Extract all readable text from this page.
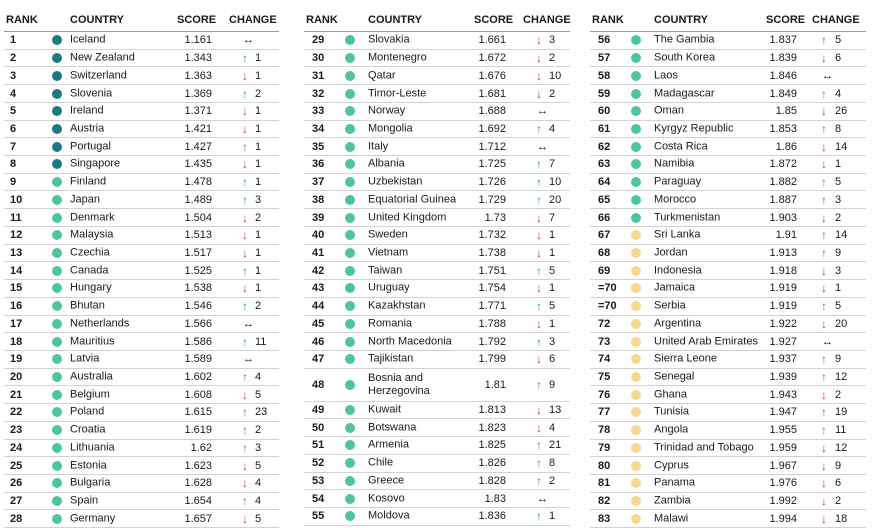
RANK	COUNTRY	SCORE CHANGE
1	Iceland	1.161	↔
2	New Zealand	1.343	↑ 1
3	Switzerland	1.363	↓ 1
4	Slovenia	1.369	↑ 2
5	Ireland	1.371	↓ 1
6	Austria	1.421	↓ 1
7	Portugal	1.427	↑ 1
8	Singapore	1.435	↓ 1
9	Finland	1.478	↑ 1
10	Japan	1.489	↑ 3
11	Denmark	1.504	↓ 2
12	Malaysia	1.513	↓ 1
13	Czechia	1.517	↓ 1
14	Canada	1.525	↑ 1
15	Hungary	1.538	↓ 1
16	Bhutan	1.546	↑ 2
17	Netherlands	1.566	↔
18	Mauritius	1.586	↑ 11
19	Latvia	1.589	↔
20	Australia	1.602	↑ 4
21	Belgium	1.608	↓ 5
22	Poland	1.615	↑ 23
23	Croatia	1.619	↑ 2
24	Lithuania	1.62	↑ 3
25	Estonia	1.623	↓ 5
26	Bulgaria	1.628	↓ 4
27	Spain	1.654	↑ 4
28	Germany	1.657	↓ 5
RANK	COUNTRY	SCORE CHANGE
29	Slovakia	1.661	↓ 3
30	Montenegro	1.672	↓ 2
31	Qatar	1.676	↓ 10
32	Timor-Leste	1.681	↓ 2
33	Norway	1.688	↔
34	Mongolia	1.692	↑ 4
35	Italy	1.712	↔
36	Albania	1.725	↑ 7
37	Uzbekistan	1.726	↑ 10
38	Equatorial Guinea 1.729	↑ 20
39	United Kingdom	1.73	↓ 7
40	Sweden	1.732	↓ 1
41	Vietnam	1.738	↓ 1
42	Taiwan	1.751	↑ 5
43	Uruguay	1.754	↓ 1
44	Kazakhstan	1.771	↑ 5
45	Romania	1.788	↓ 1
46	North Macedonia 1.792	↑ 3
47	Tajikistan	1.799	↓ 6
48
Bosnia and
Herzegovina	1.81	↑ 9
49	Kuwait	1.813	↓ 13
50	Botswana	1.823	↓ 4
51	Armenia	1.825	↑ 21
52	Chile	1.826	↑ 8
53	Greece	1.828	↑ 2
54	Kosovo	1.83	↔
55	Moldova	1.836	↑ 1
RANK	COUNTRY	SCORE CHANGE
56	The Gambia	1.837 ↑ 5
57	South Korea	1.839 ↓ 6
58	Laos	1.846 ↔
59	Madagascar	1.849 ↑ 4
60	Oman	1.85 ↓ 26
61	Kyrgyz Republic	1.853 ↑ 8
62	Costa Rica	1.86 ↓ 14
63	Namibia	1.872 ↓ 1
64	Paraguay	1.882 ↑ 5
65	Morocco	1.887 ↑ 3
66	Turkmenistan	1.903 ↓ 2
67	Sri Lanka	1.91 ↑ 14
68	Jordan	1.913 ↑ 9
69	Indonesia	1.918 ↓ 3
=70	Jamaica	1.919 ↓ 1
=70	Serbia	1.919 ↑ 5
72	Argentina	1.922 ↓ 20
73	United Arab Emirates 1.927 ↔
74	Sierra Leone	1.937 ↑ 9
75	Senegal	1.939 ↑ 12
76	Ghana	1.943 ↓ 2
77	Tunisia	1.947 ↑ 19
78	Angola	1.955 ↑ 11
79	Trinidad and Tobago 1.959 ↓ 12
80	Cyprus	1.967 ↓ 9
81	Panama	1.976 ↓ 6
82	Zambia	1.992 ↓ 2
83	Malawi	1.994 ↓ 18
